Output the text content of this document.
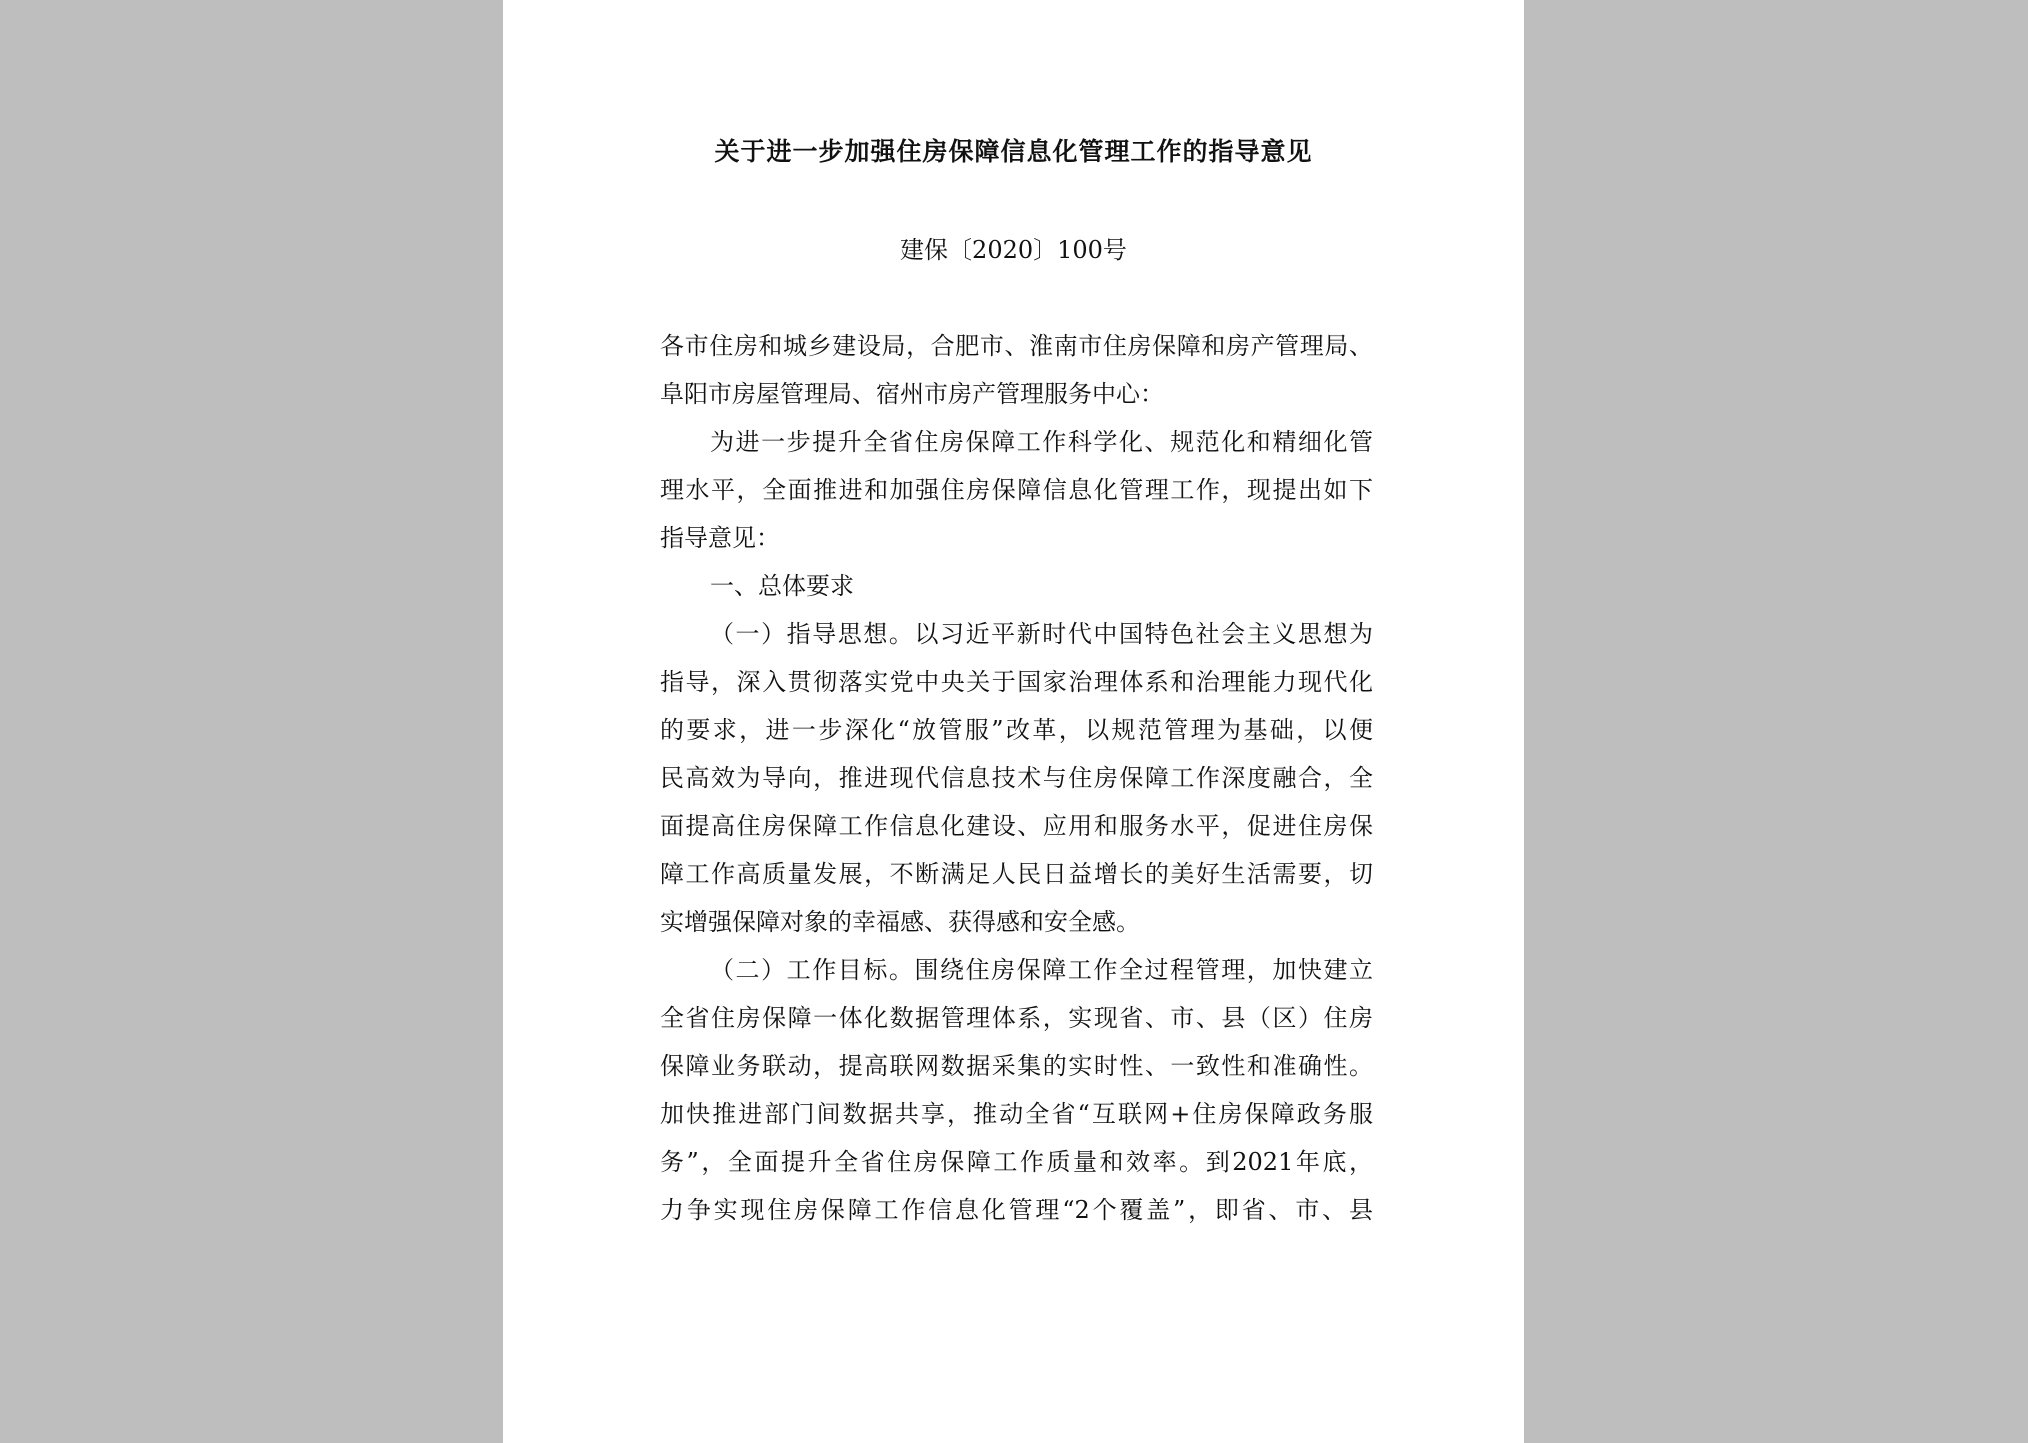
关于进一步加强住房保障信息化管理工作的指导意见
建保〔2020〕100号
各市住房和城乡建设局，合肥市、淮南市住房保障和房产管理局、
阜阳市房屋管理局、宿州市房产管理服务中心：
为进一步提升全省住房保障工作科学化、规范化和精细化管
理水平，全面推进和加强住房保障信息化管理工作，现提出如下
指导意见：
一、总体要求
（一）指导思想。以习近平新时代中国特色社会主义思想为
指导，深入贯彻落实党中央关于国家治理体系和治理能力现代化
的要求，进一步深化“放管服”改革，以规范管理为基础，以便
民高效为导向，推进现代信息技术与住房保障工作深度融合，全
面提高住房保障工作信息化建设、应用和服务水平，促进住房保
障工作高质量发展，不断满足人民日益增长的美好生活需要，切
实增强保障对象的幸福感、获得感和安全感。
（二）工作目标。围绕住房保障工作全过程管理，加快建立
全省住房保障一体化数据管理体系，实现省、市、县（区）住房
保障业务联动，提高联网数据采集的实时性、一致性和准确性。
加快推进部门间数据共享，推动全省“互联网+住房保障政务服
务”，全面提升全省住房保障工作质量和效率。到2021年底，
力争实现住房保障工作信息化管理“2个覆盖”，即省、市、县
